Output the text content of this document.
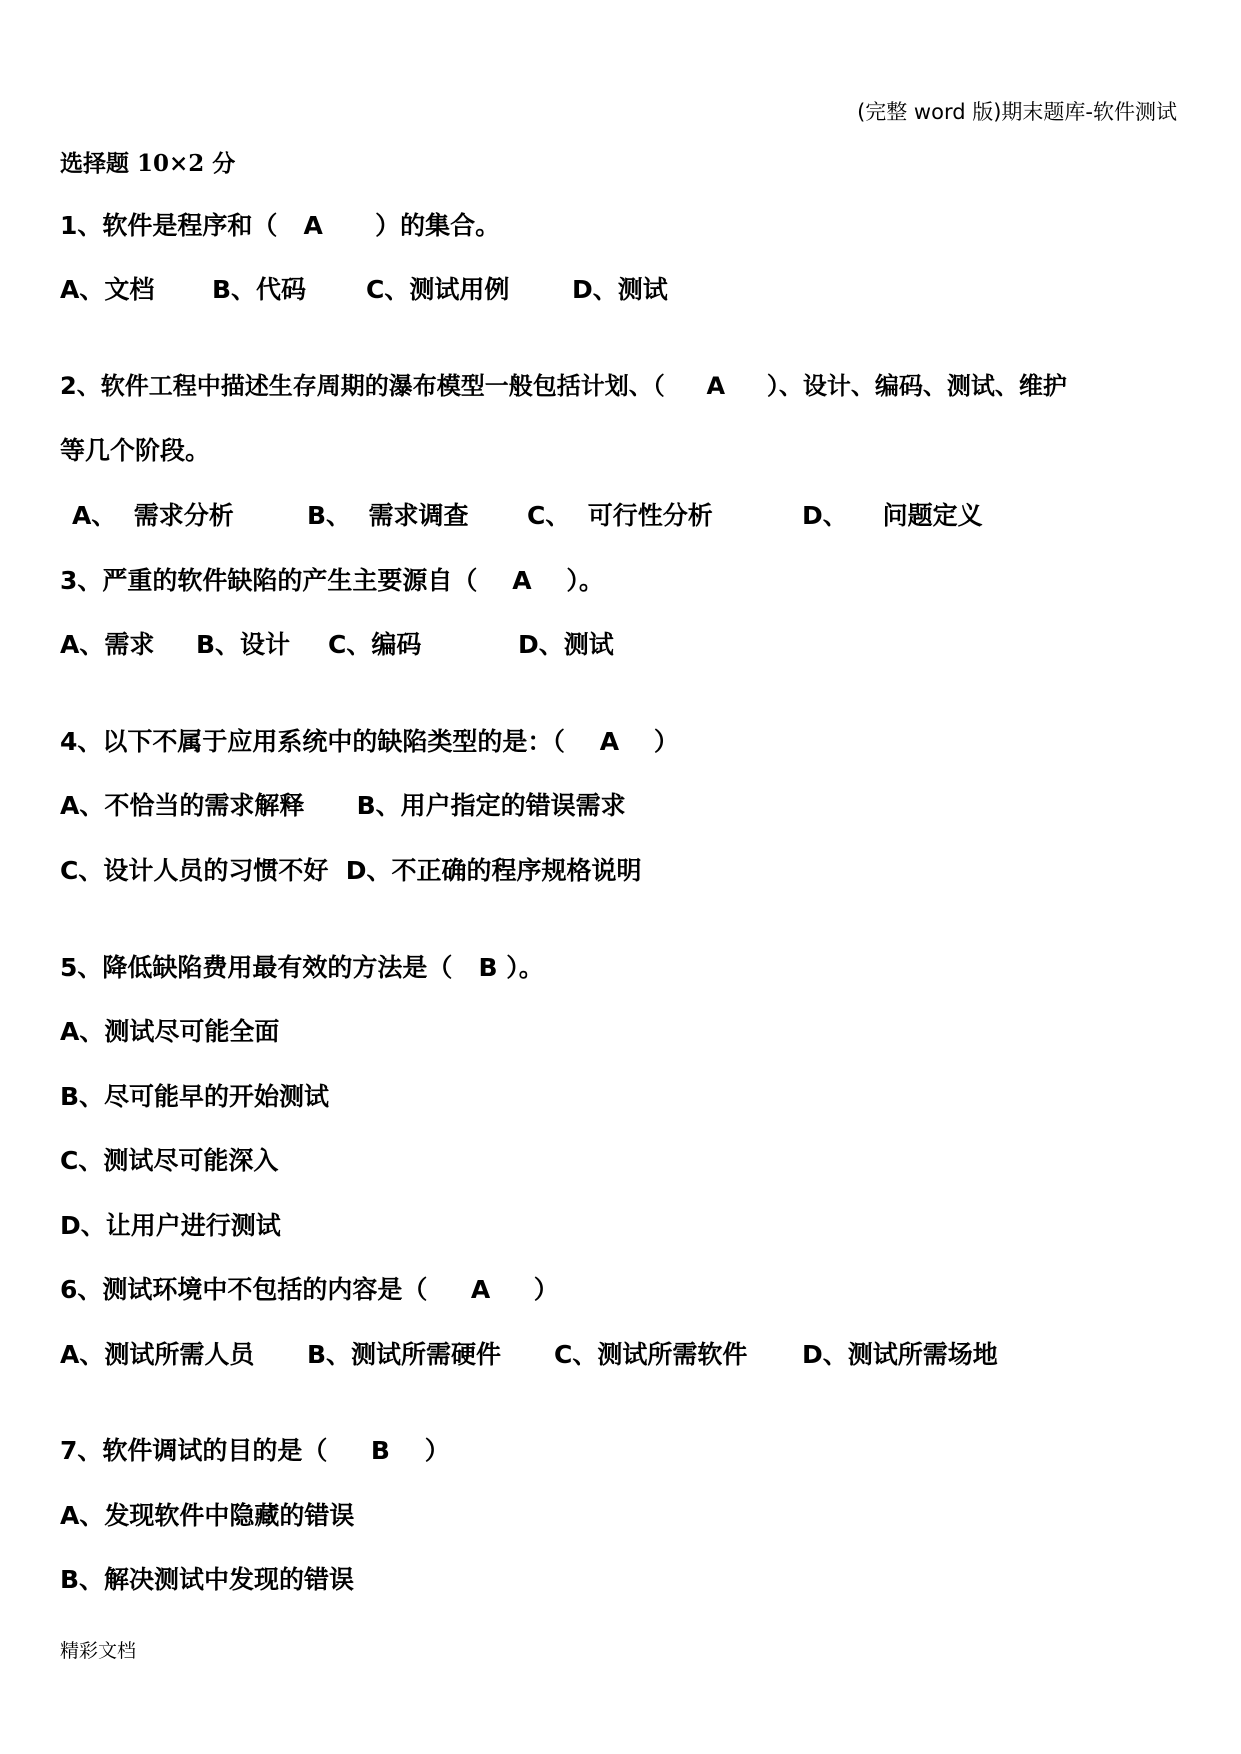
(完整 word 版)期末题库-软件测试
选择题 10×2 分
1、软件是程序和（   A      ）的集合。
A、文档 B、代码 C、测试用例	D、测试
2、软件工程中描述生存周期的瀑布模型一般包括计划、（     A     ）、设计、编码、测试、维护
等几个阶段。
A、  需求分析	B、  需求调查 C、  可行性分析	D、    问题定义
3、严重的软件缺陷的产生主要源自（    A    ）。
A、需求 B、设计 C、编码	D、测试
4、以下不属于应用系统中的缺陷类型的是：（    A    ）
A、不恰当的需求解释      B、用户指定的错误需求
C、设计人员的习惯不好  D、不正确的程序规格说明
5、降低缺陷费用最有效的方法是（   B ）。
A、测试尽可能全面
B、尽可能早的开始测试
C、测试尽可能深入
D、让用户进行测试
6、测试环境中不包括的内容是（     A     ）
A、测试所需人员 B、测试所需硬件 C、测试所需软件 D、测试所需场地
7、软件调试的目的是（     B    ）
A、发现软件中隐藏的错误
B、解决测试中发现的错误
精彩文档
